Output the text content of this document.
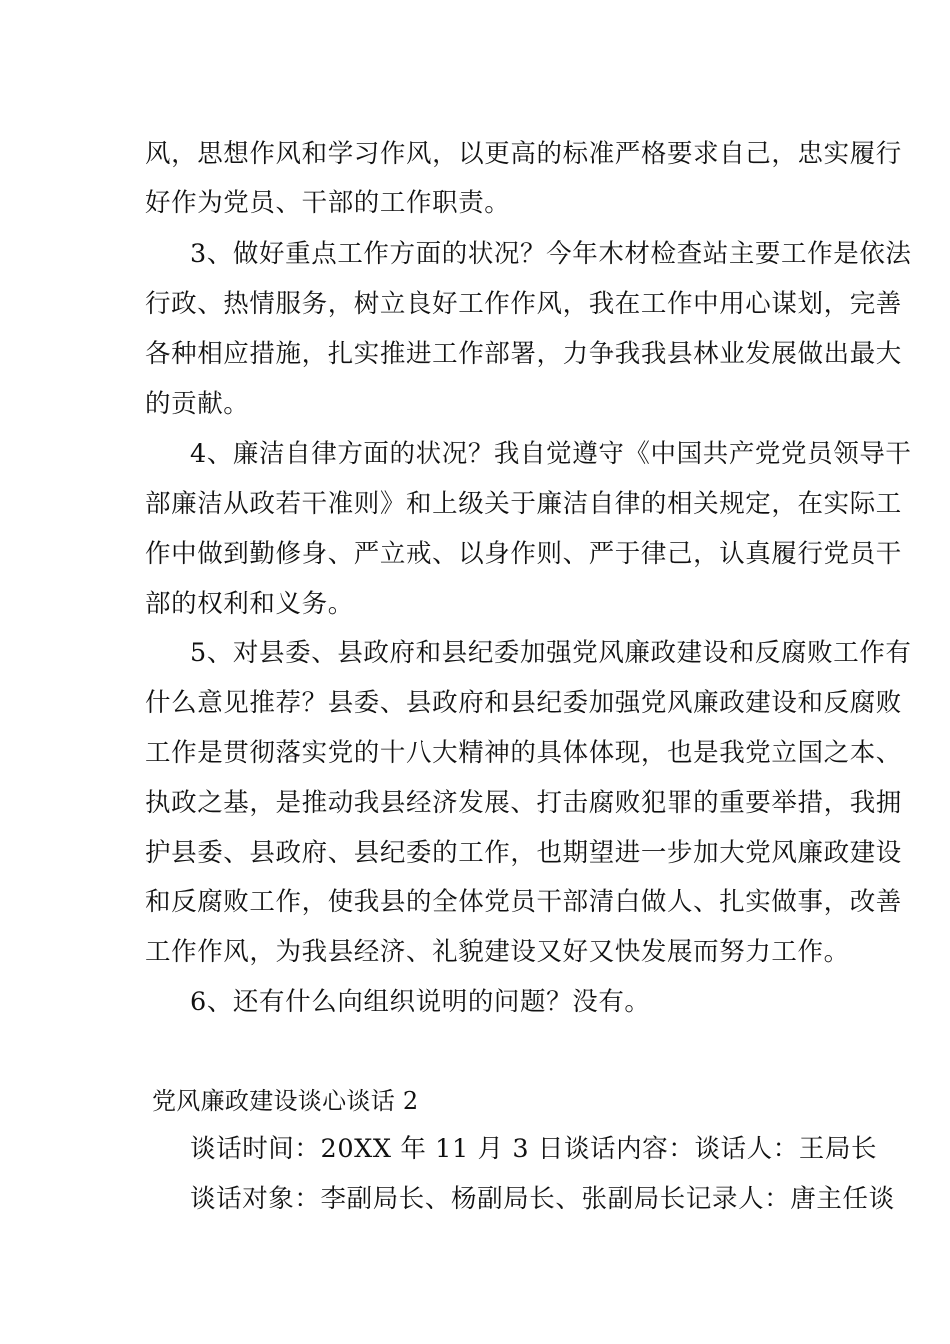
风，思想作风和学习作风，以更高的标准严格要求自己，忠实履行
好作为党员、干部的工作职责。
3、做好重点工作方面的状况？今年木材检查站主要工作是依法
行政、热情服务，树立良好工作作风，我在工作中用心谋划，完善
各种相应措施，扎实推进工作部署，力争我我县林业发展做出最大
的贡献。
4、廉洁自律方面的状况？我自觉遵守《中国共产党党员领导干
部廉洁从政若干准则》和上级关于廉洁自律的相关规定，在实际工
作中做到勤修身、严立戒、以身作则、严于律己，认真履行党员干
部的权利和义务。
5、对县委、县政府和县纪委加强党风廉政建设和反腐败工作有
什么意见推荐？县委、县政府和县纪委加强党风廉政建设和反腐败
工作是贯彻落实党的十八大精神的具体体现，也是我党立国之本、
执政之基，是推动我县经济发展、打击腐败犯罪的重要举措，我拥
护县委、县政府、县纪委的工作，也期望进一步加大党风廉政建设
和反腐败工作，使我县的全体党员干部清白做人、扎实做事，改善
工作作风，为我县经济、礼貌建设又好又快发展而努力工作。
6、还有什么向组织说明的问题？没有。
党风廉政建设谈心谈话 2
谈话时间：20XX 年 11 月 3 日谈话内容：谈话人：王局长
谈话对象：李副局长、杨副局长、张副局长记录人：唐主任谈
